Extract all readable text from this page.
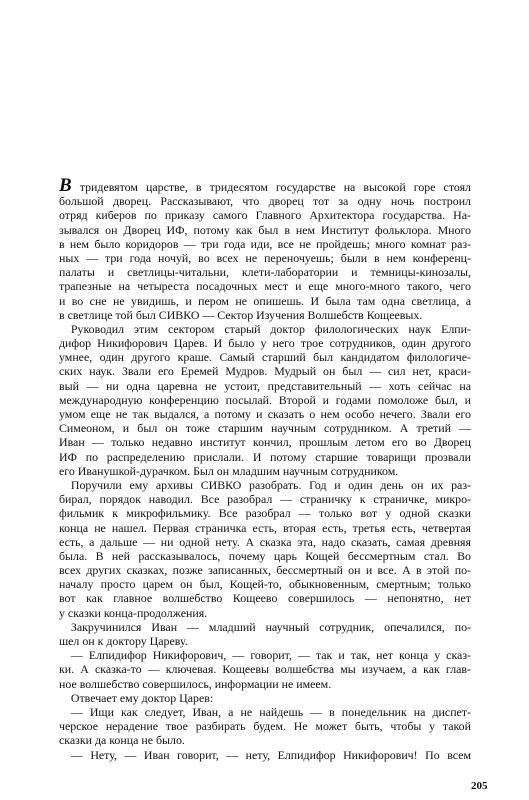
В тридевятом царстве, в тридесятом государстве на высокой горе стоял
большой дворец. Рассказывают, что дворец тот за одну ночь построил
отряд киберов по приказу самого Главного Архитектора государства. На-
зывался он Дворец ИФ, потому как был в нем Институт фольклора. Много
в нем было коридоров — три года иди, все не пройдешь; много комнат раз-
ных — три года ночуй, во всех не переночуешь; были в нем конференц-
палаты и светлицы-читальни, клети-лаборатории и темницы-кинозалы,
трапезные на четыреста посадочных мест и еще много-много такого, чего
и во сне не увидишь, и пером не опишешь. И была там одна светлица, а
в светлице той был СИВКО — Сектор Изучения Волшебств Кощеевых.
 Руководил этим сектором старый доктор филологических наук Елпи-
дифор Никифорович Царев. И было у него трое сотрудников, один другого
умнее, один другого краше. Самый старший был кандидатом филологиче-
ских наук. Звали его Еремей Мудров. Мудрый он был — сил нет, краси-
вый — ни одна царевна не устоит, представительный — хоть сейчас на
международную конференцию посылай. Второй и годами помоложе был, и
умом еще не так выдался, а потому и сказать о нем особо нечего. Звали его
Симеоном, и был он тоже старшим научным сотрудником. А третий —
Иван — только недавно институт кончил, прошлым летом его во Дворец
ИФ по распределению прислали. И потому старшие товарищи прозвали
его Иванушкой-дурачком. Был он младшим научным сотрудником.
 Поручили ему архивы СИВКО разобрать. Год и один день он их раз-
бирал, порядок наводил. Все разобрал — страничку к страничке, микро-
фильмик к микрофильмику. Все разобрал — только вот у одной сказки
конца не нашел. Первая страничка есть, вторая есть, третья есть, четвертая
есть, а дальше — ни одной нету. А сказка эта, надо сказать, самая древняя
была. В ней рассказывалось, почему царь Кощей бессмертным стал. Во
всех других сказках, позже записанных, бессмертный он и все. А в этой по-
началу просто царем он был, Кощей-то, обыкновенным, смертным; только
вот как главное волшебство Кощеево совершилось — непонятно, нет
у сказки конца-продолжения.
 Закручинился Иван — младший научный сотрудник, опечалился, по-
шел он к доктору Цареву.
 — Елпидифор Никифорович, — говорит, — так и так, нет конца у сказ-
ки. А сказка-то — ключевая. Кощеевы волшебства мы изучаем, а как глав-
ное волшебство совершилось, информации не имеем.
 Отвечает ему доктор Царев:
 — Ищи как следует, Иван, а не найдешь — в понедельник на диспет-
черское нерадение твое разбирать будем. Не может быть, чтобы у такой
сказки да конца не было.
 — Нету, — Иван говорит, — нету, Елпидифор Никифорович! По всем
205
